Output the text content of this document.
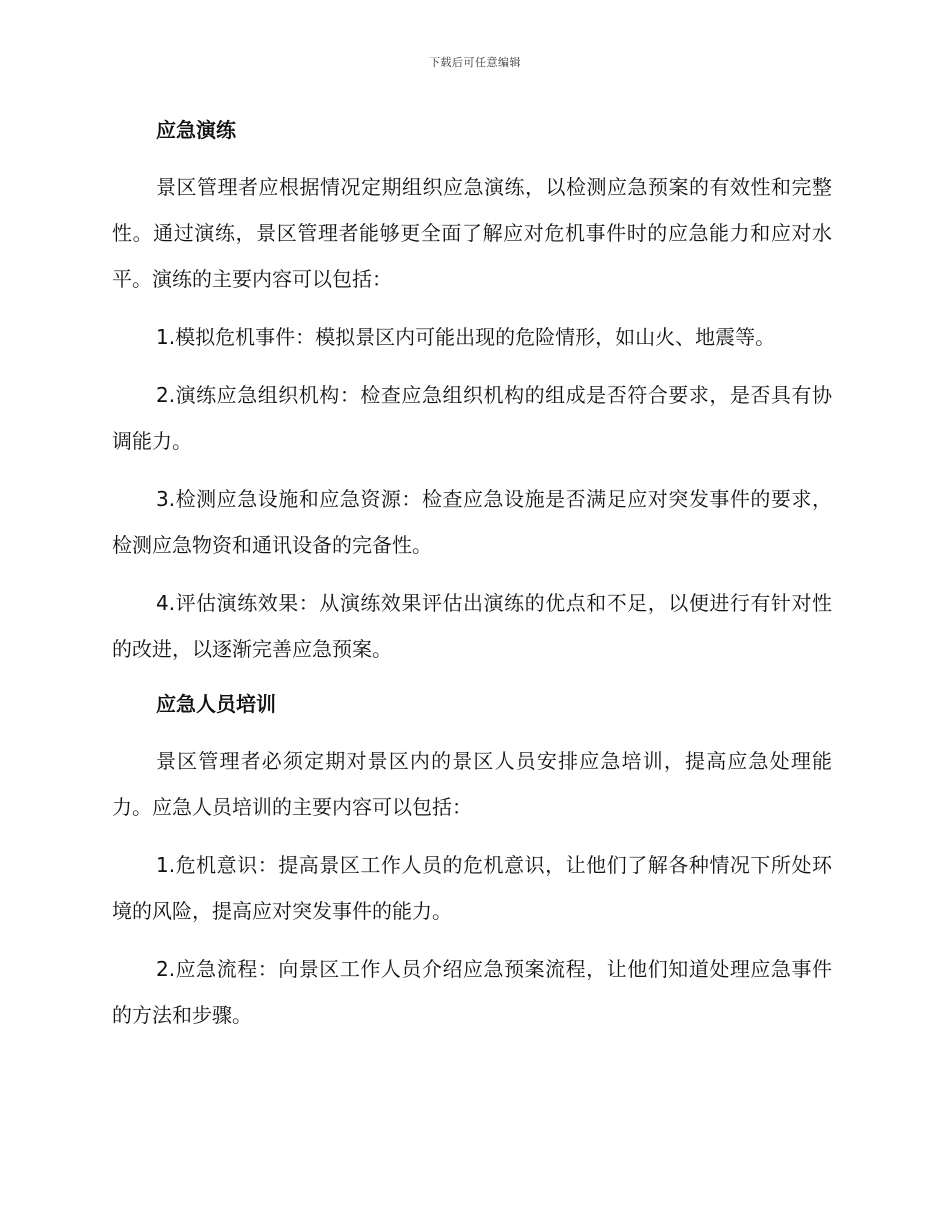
下载后可任意编辑
应急演练

景区管理者应根据情况定期组织应急演练，以检测应急预案的有效性和完整性。通过演练，景区管理者能够更全面了解应对危机事件时的应急能力和应对水平。演练的主要内容可以包括：

1.模拟危机事件：模拟景区内可能出现的危险情形，如山火、地震等。

2.演练应急组织机构：检查应急组织机构的组成是否符合要求，是否具有协调能力。

3.检测应急设施和应急资源：检查应急设施是否满足应对突发事件的要求，检测应急物资和通讯设备的完备性。

4.评估演练效果：从演练效果评估出演练的优点和不足，以便进行有针对性的改进，以逐渐完善应急预案。

应急人员培训

景区管理者必须定期对景区内的景区人员安排应急培训，提高应急处理能力。应急人员培训的主要内容可以包括：

1.危机意识：提高景区工作人员的危机意识，让他们了解各种情况下所处环境的风险，提高应对突发事件的能力。

2.应急流程：向景区工作人员介绍应急预案流程，让他们知道处理应急事件的方法和步骤。
